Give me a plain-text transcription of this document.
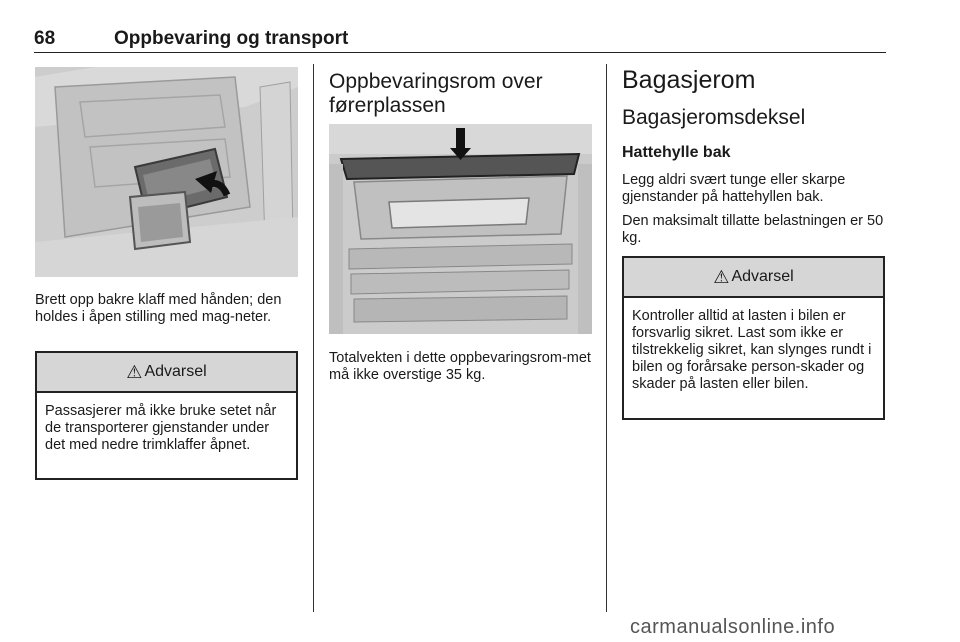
68	Oppbevaring og transport

Brett opp bakre klaff med hånden; den holdes i åpen stilling med mag-neter.

⚠ Advarsel
Passasjerer må ikke bruke setet når de transporterer gjenstander under det med nedre trimklaffer åpnet.
Oppbevaringsrom over førerplassen

Totalvekten i dette oppbevaringsrom-met må ikke overstige 35 kg.

Bagasjerom
Bagasjeromsdeksel
Hattehylle bak

Legg aldri svært tunge eller skarpe gjenstander på hattehyllen bak.

Den maksimalt tillatte belastningen er 50 kg.

⚠ Advarsel
Kontroller alltid at lasten i bilen er forsvarlig sikret. Last som ikke er tilstrekkelig sikret, kan slynges rundt i bilen og forårsake person-skader og skader på lasten eller bilen.
carmanualsonline.info
